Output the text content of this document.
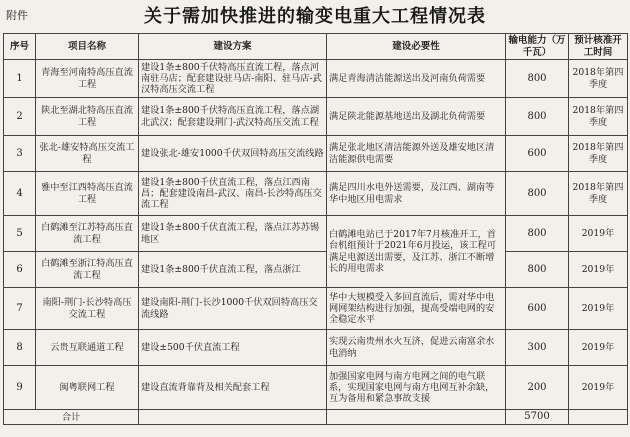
附件	关于需加快推进的输变电重大工程情况表
序号	项目名称	建设方案	建设必要性	输电能力（万千瓦）	预计核准开工时间
1	青海至河南特高压直流工程	建设1条±800千伏特高压直流工程，落点河南驻马店；配套建设驻马店-南阳、驻马店-武汉特高压交流工程	满足青海清洁能源送出及河南负荷需要	800	2018年第四季度
2	陕北至湖北特高压直流工程	建设1条±800千伏特高压直流工程，落点湖北武汉；配套建设荆门-武汉特高压交流工程	满足陕北能源基地送出及湖北负荷需要	800	2018年第四季度
3	张北-雄安特高压交流工程	建设张北-雄安1000千伏双回特高压交流线路	满足张北地区清洁能源外送及雄安地区清洁能源供电需要	600	2018年第四季度
4	雅中至江西特高压直流工程	建设1条±800千伏直流工程，落点江西南昌；配套建设南昌-武汉、南昌-长沙特高压交流工程	满足四川水电外送需要，及江西、湖南等华中地区用电需求	800	2018年第四季度
5	白鹤滩至江苏特高压直流工程	建设1条±800千伏直流工程，落点江苏苏锡地区	白鹤滩电站已于2017年7月核准开工，首台机组预计于2021年6月投运，该工程可满足电源送出需要，及江苏、浙江不断增长的用电需求	800	2019年
6	白鹤滩至浙江特高压直流工程	建设1条±800千伏直流工程，落点浙江		800	2019年
7	南阳-荆门-长沙特高压交流工程	建设南阳-荆门-长沙1000千伏双回特高压交流线路	华中大规模受入多回直流后，需对华中电网网架结构进行加强，提高受端电网的安全稳定水平	600	2019年
8	云贵互联通道工程	建设±500千伏直流工程	实现云南贵州水火互济，促进云南富余水电消纳	300	2019年
9	闽粤联网工程	建设直流背靠背及相关配套工程	加强国家电网与南方电网之间的电气联系，实现国家电网与南方电网互补余缺，互为备用和紧急事故支援	200	2019年
合计				5700	
